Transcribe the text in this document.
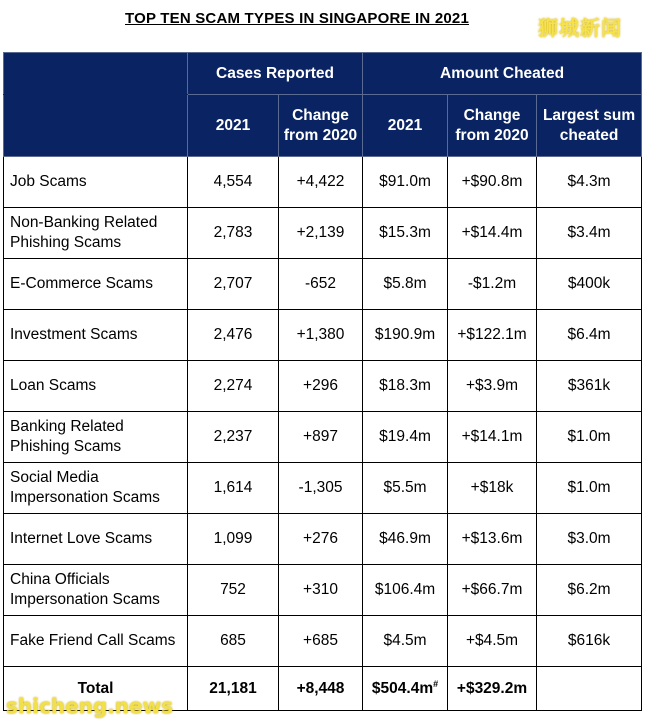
TOP TEN SCAM TYPES IN SINGAPORE IN 2021	狮城新闻
	Cases Reported		Amount Cheated		
	2021	Change from 2020	2021	Change from 2020	Largest sum cheated
Job Scams	4,554	+4,422	$91.0m	+$90.8m	$4.3m
Non-Banking Related Phishing Scams	2,783	+2,139	$15.3m	+$14.4m	$3.4m
E-Commerce Scams	2,707	-652	$5.8m	-$1.2m	$400k
Investment Scams	2,476	+1,380	$190.9m	+$122.1m	$6.4m
Loan Scams	2,274	+296	$18.3m	+$3.9m	$361k
Banking Related Phishing Scams	2,237	+897	$19.4m	+$14.1m	$1.0m
Social Media Impersonation Scams	1,614	-1,305	$5.5m	+$18k	$1.0m
Internet Love Scams	1,099	+276	$46.9m	+$13.6m	$3.0m
China Officials Impersonation Scams	752	+310	$106.4m	+$66.7m	$6.2m
Fake Friend Call Scams	685	+685	$4.5m	+$4.5m	$616k
Total	21,181	+8,448	$504.4m#	+$329.2m	
shicheng.news
